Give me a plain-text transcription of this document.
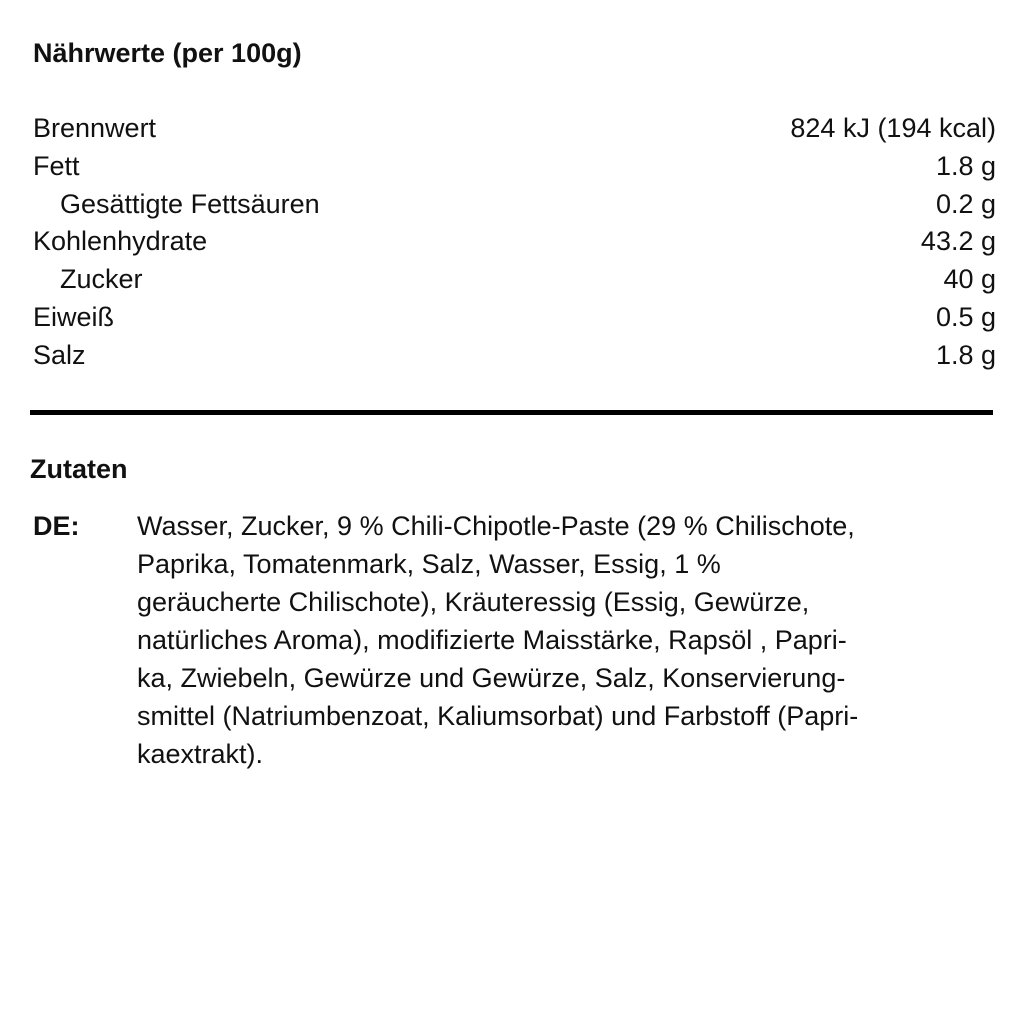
Nährwerte (per 100g)
Brennwert	824 kJ (194 kcal)
Fett	1.8 g
Gesättigte Fettsäuren	0.2 g
Kohlenhydrate	43.2 g
Zucker	40 g
Eiweiß	0.5 g
Salz	1.8 g
Zutaten
DE: Wasser, Zucker, 9 % Chili-Chipotle-Paste (29 % Chilischote,
Paprika, Tomatenmark, Salz, Wasser, Essig, 1 %
geräucherte Chilischote), Kräuteressig (Essig, Gewürze,
natürliches Aroma), modifizierte Maisstärke, Rapsöl , Papri-
ka, Zwiebeln, Gewürze und Gewürze, Salz, Konservierung-
smittel (Natriumbenzoat, Kaliumsorbat) und Farbstoff (Papri-
kaextrakt).
